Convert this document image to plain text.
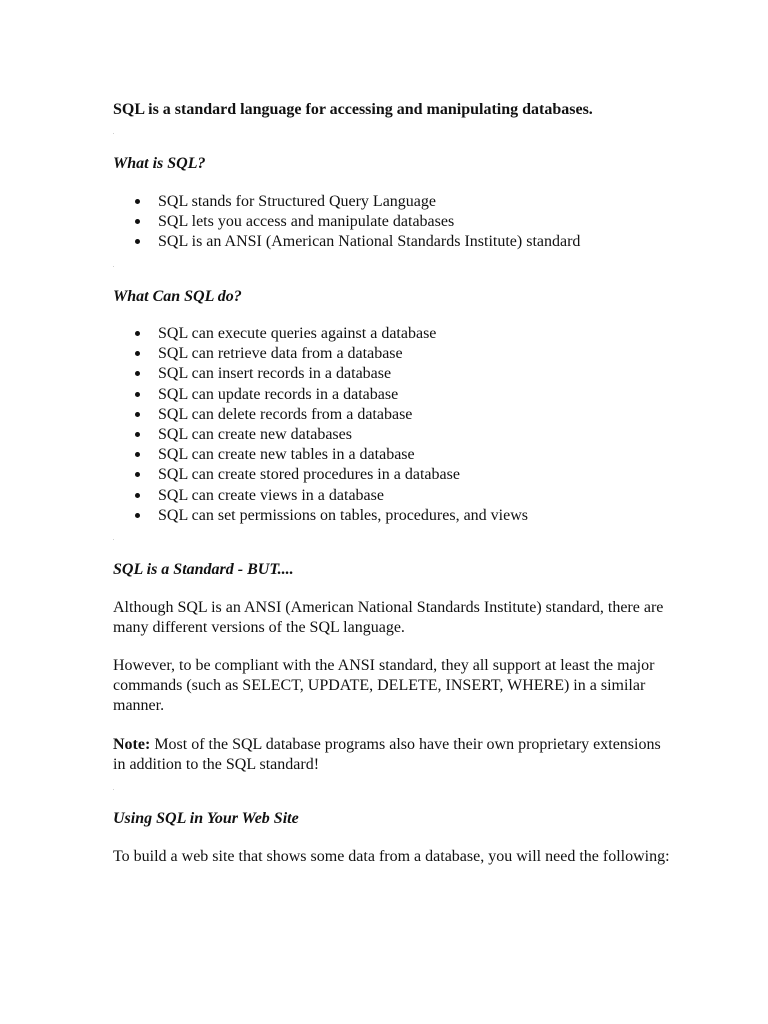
SQL is a standard language for accessing and manipulating databases.

What is SQL?

SQL stands for Structured Query Language
SQL lets you access and manipulate databases
SQL is an ANSI (American National Standards Institute) standard

What Can SQL do?

SQL can execute queries against a database
SQL can retrieve data from a database
SQL can insert records in a database
SQL can update records in a database
SQL can delete records from a database
SQL can create new databases
SQL can create new tables in a database
SQL can create stored procedures in a database
SQL can create views in a database
SQL can set permissions on tables, procedures, and views

SQL is a Standard - BUT....

Although SQL is an ANSI (American National Standards Institute) standard, there are many different versions of the SQL language.

However, to be compliant with the ANSI standard, they all support at least the major commands (such as SELECT, UPDATE, DELETE, INSERT, WHERE) in a similar manner.

Note: Most of the SQL database programs also have their own proprietary extensions in addition to the SQL standard!

Using SQL in Your Web Site

To build a web site that shows some data from a database, you will need the following:
